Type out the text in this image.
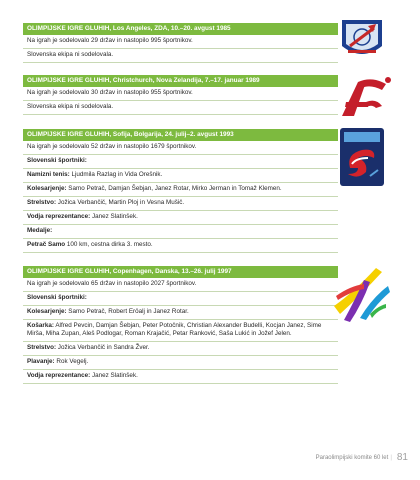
OLIMPIJSKE IGRE GLUHIH, Los Angeles, ZDA, 10.–20. avgust 1985
Na igrah je sodelovalo 29 držav in nastopilo 995 športnikov.
Slovenska ekipa ni sodelovala.
OLIMPIJSKE IGRE GLUHIH, Christchurch, Nova Zelandija, 7.–17. januar 1989
Na igrah je sodelovalo 30 držav in nastopilo 955 športnikov.
Slovenska ekipa ni sodelovala.
OLIMPIJSKE IGRE GLUHIH, Sofija, Bolgarija, 24. julij–2. avgust 1993
Na igrah je sodelovalo 52 držav in nastopilo 1679 športnikov.
Slovenski športniki:
Namizni tenis: Ljudmila Razlag in Vida Orešnik.
Kolesarjenje: Samo Petrač, Damjan Šebjan, Janez Rotar, Mirko Jerman in Tomaž Klemen.
Strelstvo: Jožica Verbančič, Martin Ploj in Vesna Mušič.
Vodja reprezentance: Janez Slatinšek.
Medalje:
Petrač Samo 100 km, cestna dirka 3. mesto.
OLIMPIJSKE IGRE GLUHIH, Copenhagen, Danska, 13.–26. julij 1997
Na igrah je sodelovalo 65 držav in nastopilo 2027 športnikov.
Slovenski športniki:
Kolesarjenje: Samo Petrač, Robert Eröalj in Janez Rotar.
Košarka: Alfred Pevcin, Damjan Šebjan, Peter Potočnik, Christian Alexander Budelli, Kocjan Janez, Sime Mirša, Miha Zupan, Aleš Podlogar, Roman Krajačić, Petar Ranković, Saša Lukić in Jožef Jelen.
Strelstvo: Jožica Verbančič in Sandra Žver.
Plavanje: Rok Vegelj.
Vodja reprezentance: Janez Slatinšek.
Paraolimpijski komite 60 let | 81
